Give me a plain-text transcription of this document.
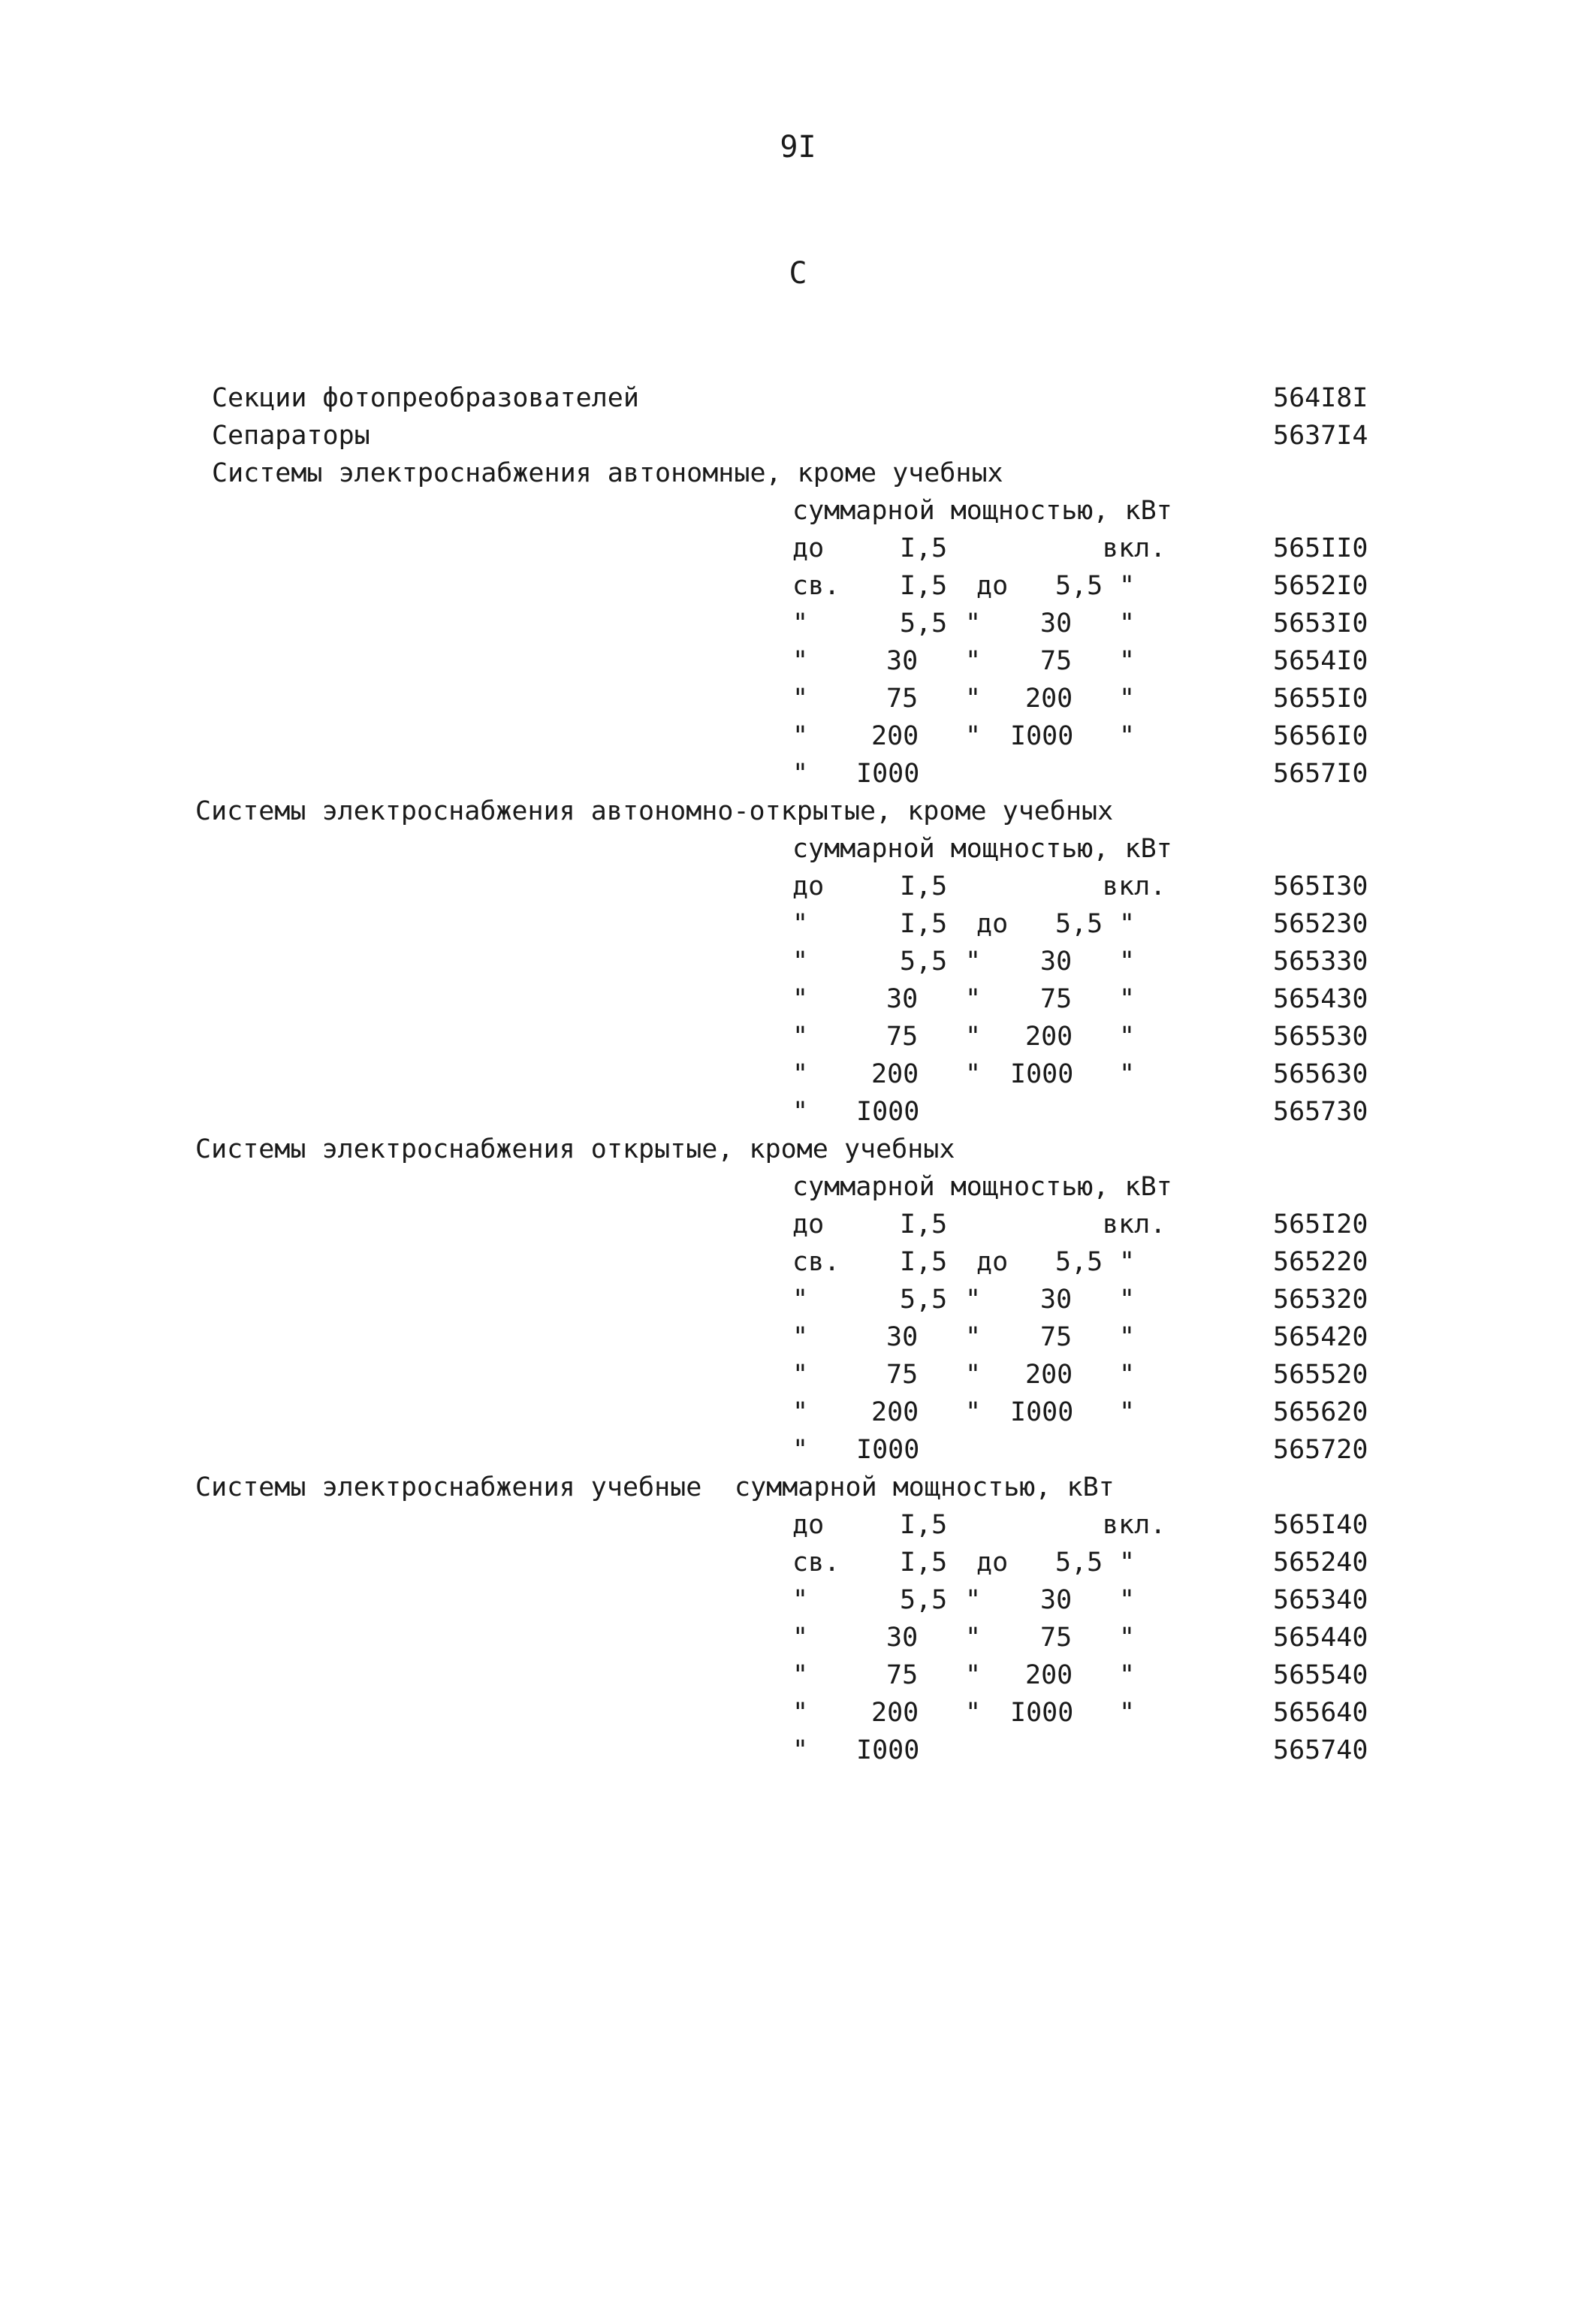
9I
С
Секции фотопреобразователей	564I8I
Сепараторы	5637I4
Системы электроснабжения автономные, кроме учебных
суммарной мощностью, кВт
до	I,5	вкл.	565II0
св. I,5 до 5,5 "	5652I0
"	5,5 " 30 "	5653I0
"	30 " 75 "	5654I0
"	75 " 200 "	5655I0
" 200 " I000 "	5656I0
" I000	5657I0
Системы электроснабжения автономно-открытые, кроме учебных
суммарной мощностью, кВт
до	I,5	вкл.	565I30
"	I,5 до 5,5 "	565230
"	5,5 " 30 "	565330
"	30 " 75 "	565430
"	75 " 200 "	565530
" 200 " I000 "	565630
" I000	565730
Системы электроснабжения открытые, кроме учебных
суммарной мощностью, кВт
до	I,5	вкл.	565I20
св. I,5 до 5,5 "	565220
"	5,5 " 30 "	565320
"	30 " 75 "	565420
"	75 " 200 "	565520
" 200 " I000 "	565620
" I000	565720
Системы электроснабжения учебные суммарной мощностью, кВт
до	I,5	вкл.	565I40
св. I,5 до 5,5 "	565240
"	5,5 " 30 "	565340
"	30 " 75 "	565440
"	75 " 200 "	565540
" 200 " I000 "	565640
" I000	565740
